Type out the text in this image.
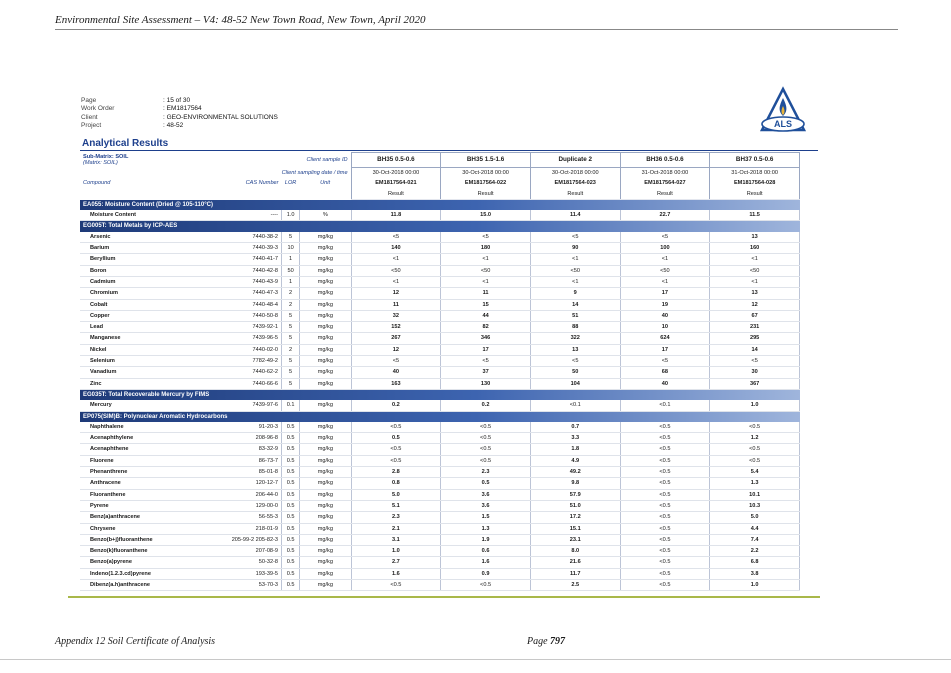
Environmental Site Assessment – V4: 48-52 New Town Road, New Town, April 2020
Page	: 15 of 30
Work Order	: EM1817564
Client	: GEO-ENVIRONMENTAL SOLUTIONS
Project	: 48-52	ALS
Analytical Results
Sub-Matrix: SOIL
(Matrix: SOIL)		Client sample ID		BH35 0.5-0.6	BH35 1.5-1.6	Duplicate 2	BH36 0.5-0.6	BH37 0.5-0.6
Client sampling date / time				30-Oct-2018 00:00	30-Oct-2018 00:00	30-Oct-2018 00:00	31-Oct-2018 00:00	31-Oct-2018 00:00
Compound	CAS Number	LOR	Unit	EM1817564-021	EM1817564-022	EM1817564-023	EM1817564-027	EM1817564-028
				Result	Result	Result	Result	Result
EA055: Moisture Content (Dried @ 105-110°C)								
Moisture Content	----	1.0	%	11.8	15.0	11.4	22.7	11.5
EG005T: Total Metals by ICP-AES								
Arsenic	7440-38-2	5	mg/kg	<5	<5	<5	<5	13
Barium	7440-39-3	10	mg/kg	140	180	90	100	160
Beryllium	7440-41-7	1	mg/kg	<1	<1	<1	<1	<1
Boron	7440-42-8	50	mg/kg	<50	<50	<50	<50	<50
Cadmium	7440-43-9	1	mg/kg	<1	<1	<1	<1	<1
Chromium	7440-47-3	2	mg/kg	12	11	9	17	13
Cobalt	7440-48-4	2	mg/kg	11	15	14	19	12
Copper	7440-50-8	5	mg/kg	32	44	51	40	67
Lead	7439-92-1	5	mg/kg	152	82	88	10	231
Manganese	7439-96-5	5	mg/kg	267	346	322	624	295
Nickel	7440-02-0	2	mg/kg	12	17	13	17	14
Selenium	7782-49-2	5	mg/kg	<5	<5	<5	<5	<5
Vanadium	7440-62-2	5	mg/kg	40	37	50	68	30
Zinc	7440-66-6	5	mg/kg	163	130	104	40	367
EG035T: Total Recoverable Mercury by FIMS								
Mercury	7439-97-6	0.1	mg/kg	0.2	0.2	<0.1	<0.1	1.0
EP075(SIM)B: Polynuclear Aromatic Hydrocarbons								
Naphthalene	91-20-3	0.5	mg/kg	<0.5	<0.5	0.7	<0.5	<0.5
Acenaphthylene	208-96-8	0.5	mg/kg	0.5	<0.5	3.3	<0.5	1.2
Acenaphthene	83-32-9	0.5	mg/kg	<0.5	<0.5	1.8	<0.5	<0.5
Fluorene	86-73-7	0.5	mg/kg	<0.5	<0.5	4.9	<0.5	<0.5
Phenanthrene	85-01-8	0.5	mg/kg	2.8	2.3	49.2	<0.5	5.4
Anthracene	120-12-7	0.5	mg/kg	0.8	0.5	9.8	<0.5	1.3
Fluoranthene	206-44-0	0.5	mg/kg	5.0	3.6	57.9	<0.5	10.1
Pyrene	129-00-0	0.5	mg/kg	5.1	3.6	51.0	<0.5	10.3
Benz(a)anthracene	56-55-3	0.5	mg/kg	2.3	1.5	17.2	<0.5	5.0
Chrysene	218-01-9	0.5	mg/kg	2.1	1.3	15.1	<0.5	4.4
Benzo(b+j)fluoranthene	205-99-2 205-82-3	0.5	mg/kg	3.1	1.9	23.1	<0.5	7.4
Benzo(k)fluoranthene	207-08-9	0.5	mg/kg	1.0	0.6	8.0	<0.5	2.2
Benzo(a)pyrene	50-32-8	0.5	mg/kg	2.7	1.6	21.6	<0.5	6.8
Indeno(1.2.3.cd)pyrene	193-39-5	0.5	mg/kg	1.6	0.9	11.7	<0.5	3.8
Dibenz(a.h)anthracene	53-70-3	0.5	mg/kg	<0.5	<0.5	2.5	<0.5	1.0
Appendix 12 Soil Certificate of Analysis	Page 797
